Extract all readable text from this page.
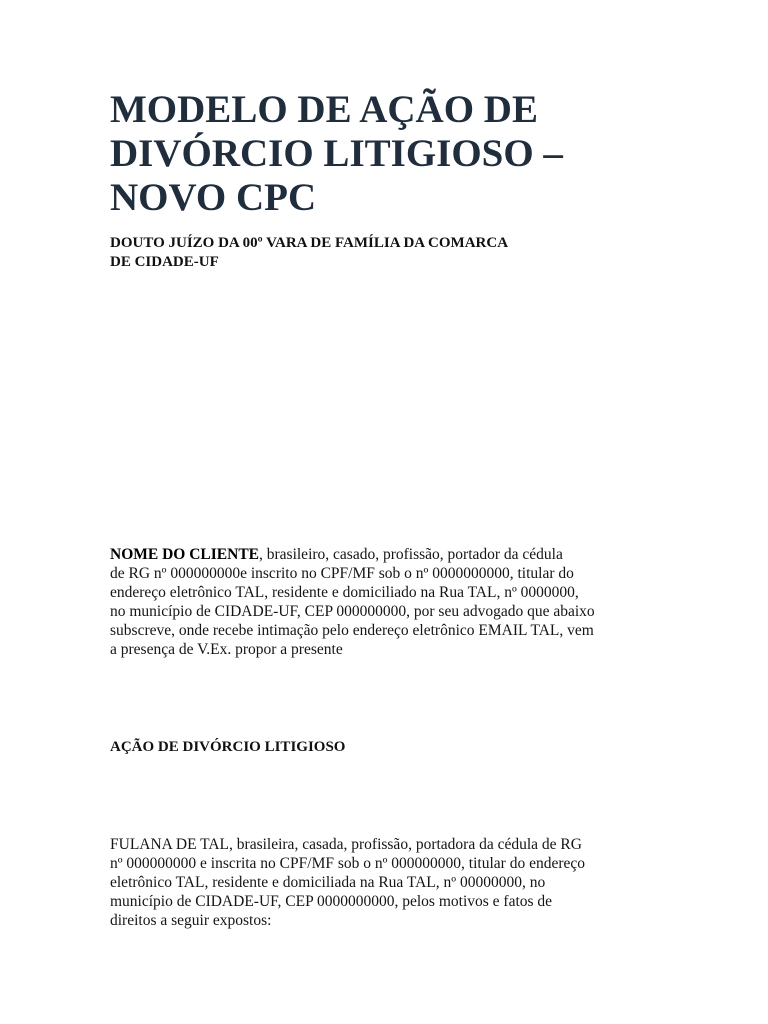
MODELO DE AÇÃO DE
DIVÓRCIO LITIGIOSO –
NOVO CPC
DOUTO JUÍZO DA 00º VARA DE FAMÍLIA DA COMARCA
DE CIDADE-UF
NOME DO CLIENTE, brasileiro, casado, profissão, portador da cédula
de RG nº 000000000e inscrito no CPF/MF sob o nº 0000000000, titular do
endereço eletrônico TAL, residente e domiciliado na Rua TAL, nº 0000000,
no município de CIDADE-UF, CEP 000000000, por seu advogado que abaixo
subscreve, onde recebe intimação pelo endereço eletrônico EMAIL TAL, vem
a presença de V.Ex. propor a presente
AÇÃO DE DIVÓRCIO LITIGIOSO
FULANA DE TAL, brasileira, casada, profissão, portadora da cédula de RG
nº 000000000 e inscrita no CPF/MF sob o nº 000000000, titular do endereço
eletrônico TAL, residente e domiciliada na Rua TAL, nº 00000000, no
município de CIDADE-UF, CEP 0000000000, pelos motivos e fatos de
direitos a seguir expostos:
